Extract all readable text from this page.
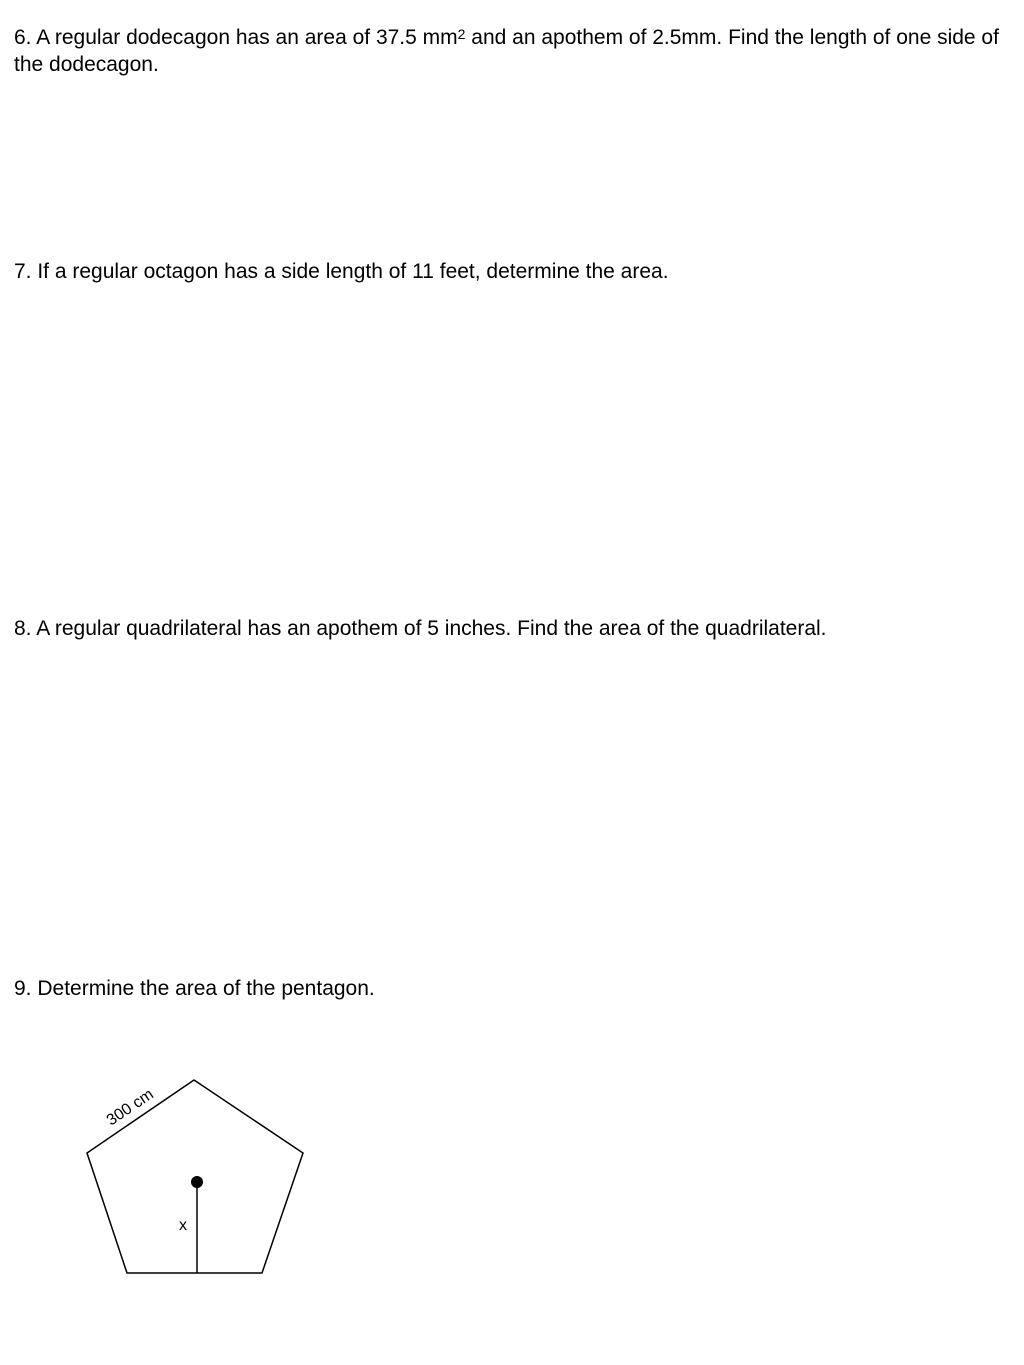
6. A regular dodecagon has an area of 37.5 $mm^2$ and an apothem of 2.5mm. Find the length of one side of the dodecagon.

7. If a regular octagon has a side length of 11 feet, determine the area.

8. A regular quadrilateral has an apothem of 5 inches. Find the area of the quadrilateral.

9. Determine the area of the pentagon.

300 cm
x
